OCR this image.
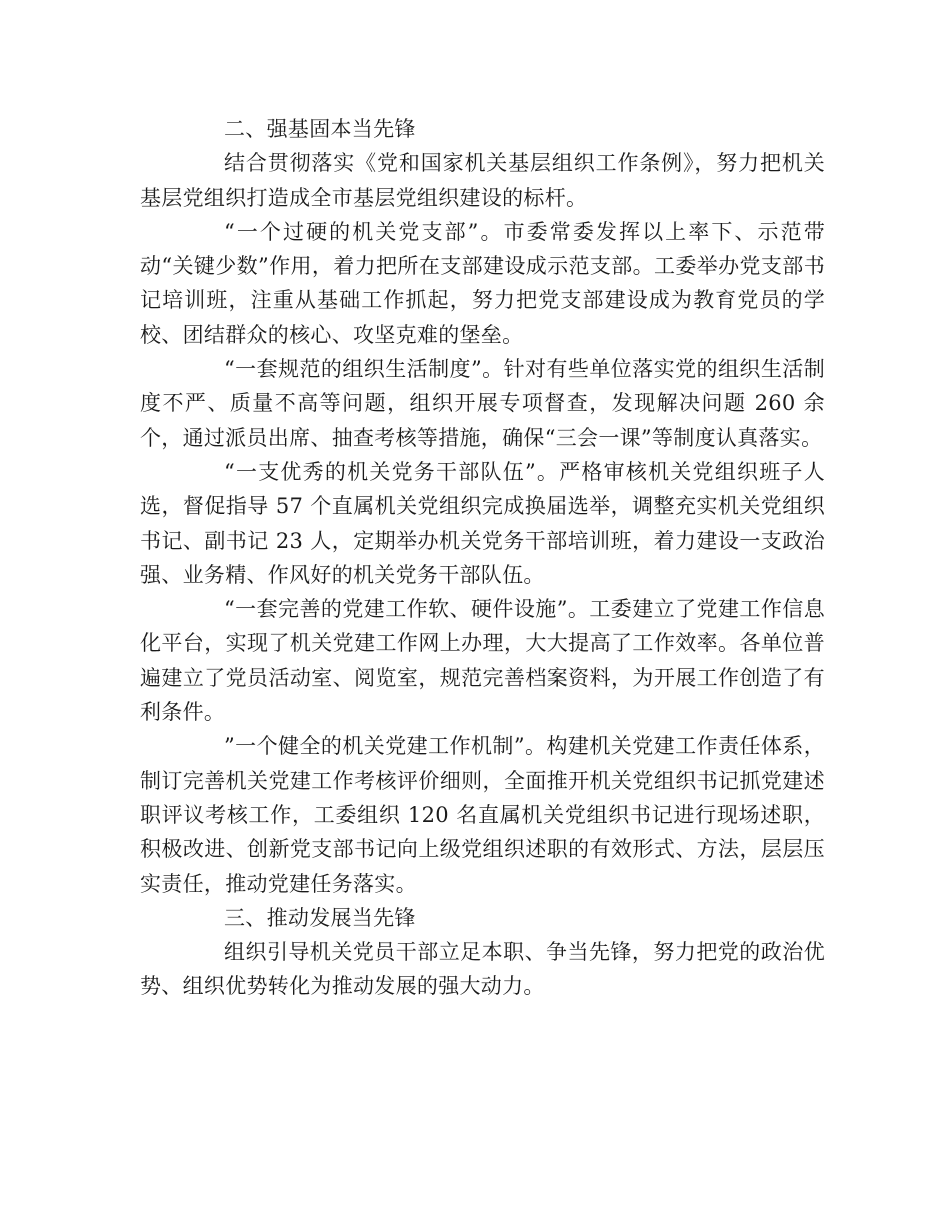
二、强基固本当先锋

结合贯彻落实《党和国家机关基层组织工作条例》，努力把机关基层党组织打造成全市基层党组织建设的标杆。

“一个过硬的机关党支部”。市委常委发挥以上率下、示范带动“关键少数”作用，着力把所在支部建设成示范支部。工委举办党支部书记培训班，注重从基础工作抓起，努力把党支部建设成为教育党员的学校、团结群众的核心、攻坚克难的堡垒。

“一套规范的组织生活制度”。针对有些单位落实党的组织生活制度不严、质量不高等问题，组织开展专项督查，发现解决问题 260 余个，通过派员出席、抽查考核等措施，确保“三会一课”等制度认真落实。

“一支优秀的机关党务干部队伍”。严格审核机关党组织班子人选，督促指导 57 个直属机关党组织完成换届选举，调整充实机关党组织书记、副书记 23 人，定期举办机关党务干部培训班，着力建设一支政治强、业务精、作风好的机关党务干部队伍。

“一套完善的党建工作软、硬件设施”。工委建立了党建工作信息化平台，实现了机关党建工作网上办理，大大提高了工作效率。各单位普遍建立了党员活动室、阅览室，规范完善档案资料，为开展工作创造了有利条件。

”一个健全的机关党建工作机制”。构建机关党建工作责任体系，制订完善机关党建工作考核评价细则，全面推开机关党组织书记抓党建述职评议考核工作，工委组织 120 名直属机关党组织书记进行现场述职，积极改进、创新党支部书记向上级党组织述职的有效形式、方法，层层压实责任，推动党建任务落实。

三、推动发展当先锋

组织引导机关党员干部立足本职、争当先锋，努力把党的政治优势、组织优势转化为推动发展的强大动力。
